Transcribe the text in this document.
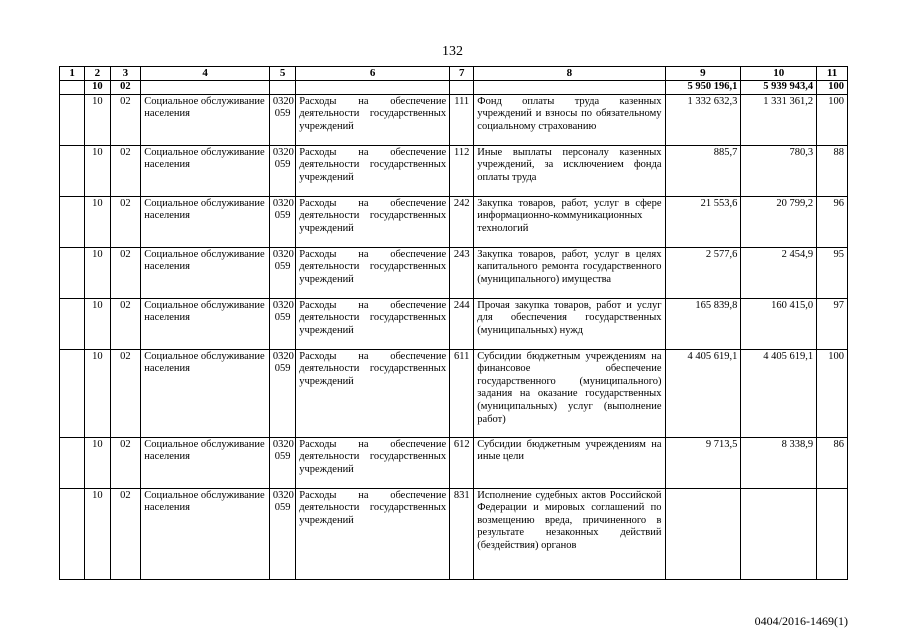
132
1	2	3	4	5	6	7	8	9	10	11
	10	02						5 950 196,1	5 939 943,4	100
	10	02	Социальное обслуживание населения	0320 059	Расходы на обеспечение деятельности государственных учреждений	111	Фонд оплаты труда казенных учреждений и взносы по обязательному социальному страхованию	1 332 632,3	1 331 361,2	100
	10	02	Социальное обслуживание населения	0320 059	Расходы на обеспечение деятельности государственных учреждений	112	Иные выплаты персоналу казенных учреждений, за исключением фонда оплаты труда	885,7	780,3	88
	10	02	Социальное обслуживание населения	0320 059	Расходы на обеспечение деятельности государственных учреждений	242	Закупка товаров, работ, услуг в сфере информационно-коммуникационных технологий	21 553,6	20 799,2	96
	10	02	Социальное обслуживание населения	0320 059	Расходы на обеспечение деятельности государственных учреждений	243	Закупка товаров, работ, услуг в целях капитального ремонта государственного (муниципального) имущества	2 577,6	2 454,9	95
	10	02	Социальное обслуживание населения	0320 059	Расходы на обеспечение деятельности государственных учреждений	244	Прочая закупка товаров, работ и услуг для обеспечения государственных (муниципальных) нужд	165 839,8	160 415,0	97
	10	02	Социальное обслуживание населения	0320 059	Расходы на обеспечение деятельности государственных учреждений	611	Субсидии бюджетным учреждениям на финансовое обеспечение государственного (муниципального) задания на оказание государственных (муниципальных) услуг (выполнение работ)	4 405 619,1	4 405 619,1	100
	10	02	Социальное обслуживание населения	0320 059	Расходы на обеспечение деятельности государственных учреждений	612	Субсидии бюджетным учреждениям на иные цели	9 713,5	8 338,9	86
	10	02	Социальное обслуживание населения	0320 059	Расходы на обеспечение деятельности государственных учреждений	831	Исполнение судебных актов Российской Федерации и мировых соглашений по возмещению вреда, причиненного в результате незаконных действий (бездействия) органов			
0404/2016-1469(1)
